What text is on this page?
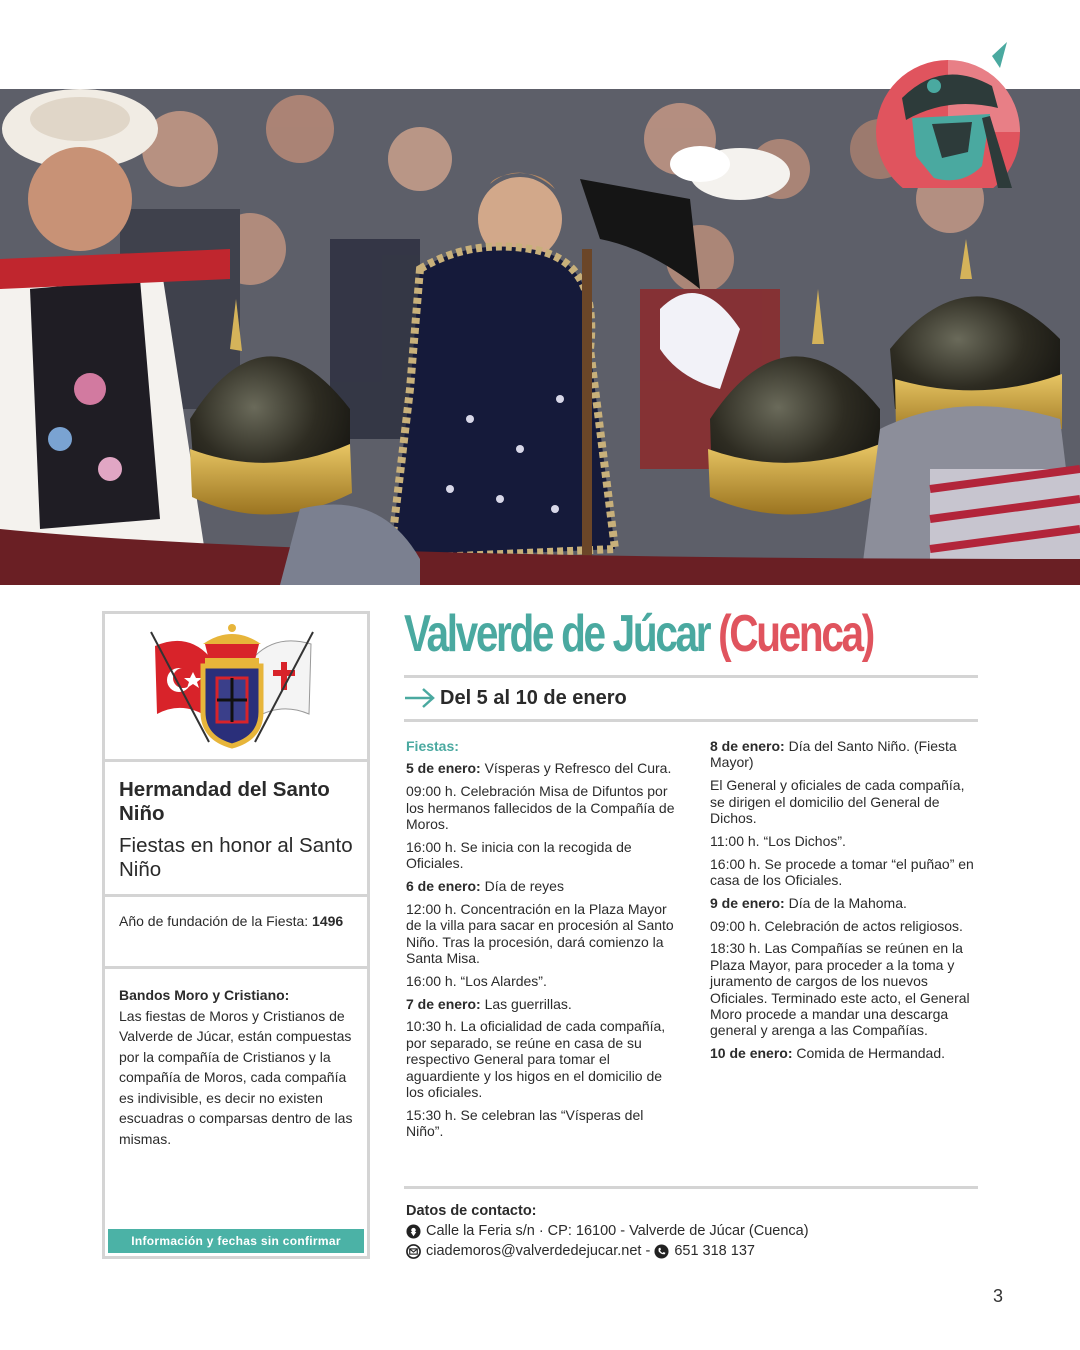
Hermandad del Santo Niño
Fiestas en honor al Santo Niño
Año de fundación de la Fiesta: 1496
Bandos Moro y Cristiano:
Las fiestas de Moros y Cristianos de Valverde de Júcar, están compuestas por la compañía de Cristianos y la compañía de Moros, cada compañía es indivisible, es decir no existen escuadras o comparsas dentro de las mismas.
Información y fechas sin confirmar
Valverde de Júcar (Cuenca)
Del 5 al 10 de enero
Fiestas:

5 de enero: Vísperas y Refresco del Cura.

09:00 h. Celebración Misa de Difuntos por los hermanos fallecidos de la Compañía de Moros.

16:00 h. Se inicia con la recogida de Oficiales.

6 de enero: Día de reyes

12:00 h. Concentración en la Plaza Mayor de la villa para sacar en procesión al Santo Niño. Tras la procesión, dará comienzo la Santa Misa.

16:00 h. “Los Alardes”.

7 de enero: Las guerrillas.

10:30 h. La oficialidad de cada compañía, por separado, se reúne en casa de su respectivo General para tomar el aguardiente y los higos en el domicilio de los oficiales.

15:30 h. Se celebran las “Vísperas del Niño”.

8 de enero: Día del Santo Niño. (Fiesta Mayor)

El General y oficiales de cada compañía, se dirigen el domicilio del General de Dichos.

11:00 h. “Los Dichos”.

16:00 h. Se procede a tomar “el puñao” en casa de los Oficiales.

9 de enero: Día de la Mahoma.

09:00 h. Celebración de actos religiosos.

18:30 h. Las Compañías se reúnen en la Plaza Mayor, para proceder a la toma y juramento de cargos de los nuevos Oficiales. Terminado este acto, el General Moro procede a mandar una descarga general y arenga a las Compañías.

10 de enero: Comida de Hermandad.

Datos de contacto:
Calle la Feria s/n · CP: 16100 - Valverde de Júcar (Cuenca)
ciademoros@valverdedejucar.net - 651 318 137
3
